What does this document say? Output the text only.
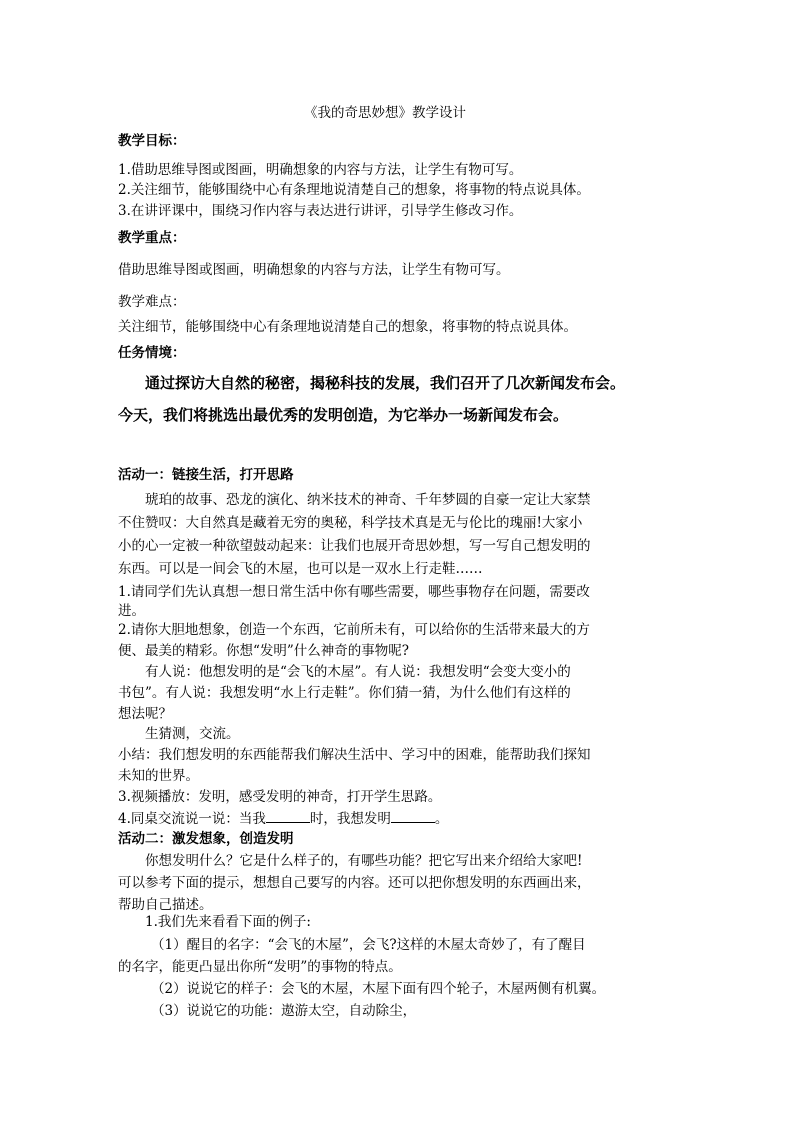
《我的奇思妙想》教学设计

教学目标：

1.借助思维导图或图画，明确想象的内容与方法，让学生有物可写。

2.关注细节，能够围绕中心有条理地说清楚自己的想象，将事物的特点说具体。

3.在讲评课中，围绕习作内容与表达进行讲评，引导学生修改习作。

教学重点：

借助思维导图或图画，明确想象的内容与方法，让学生有物可写。

教学难点：

关注细节，能够围绕中心有条理地说清楚自己的想象，将事物的特点说具体。

任务情境：

通过探访大自然的秘密，揭秘科技的发展，我们召开了几次新闻发布会。

今天，我们将挑选出最优秀的发明创造，为它举办一场新闻发布会。

活动一：链接生活，打开思路

琥珀的故事、恐龙的演化、纳米技术的神奇、千年梦圆的自豪一定让大家禁

不住赞叹：大自然真是藏着无穷的奥秘，科学技术真是无与伦比的瑰丽!大家小

小的心一定被一种欲望鼓动起来：让我们也展开奇思妙想，写一写自己想发明的

东西。可以是一间会飞的木屋，也可以是一双水上行走鞋……

1.请同学们先认真想一想日常生活中你有哪些需要，哪些事物存在问题，需要改

进。

2.请你大胆地想象，创造一个东西，它前所未有，可以给你的生活带来最大的方

便、最美的精彩。你想“发明”什么神奇的事物呢?

有人说：他想发明的是“会飞的木屋”。有人说：我想发明“会变大变小的

书包”。有人说：我想发明“水上行走鞋”。你们猜一猜，为什么他们有这样的

想法呢？

生猜测，交流。

小结：我们想发明的东西能帮我们解决生活中、学习中的困难，能帮助我们探知

未知的世界。

3.视频播放：发明，感受发明的神奇，打开学生思路。

4.同桌交流说一说：当我	时，我想发明	。

活动二：激发想象，创造发明

你想发明什么？它是什么样子的，有哪些功能？把它写出来介绍给大家吧!

可以参考下面的提示，想想自己要写的内容。还可以把你想发明的东西画出来，

帮助自己描述。

1.我们先来看看下面的例子:

（1）醒目的名字：“会飞的木屋”，会飞?这样的木屋太奇妙了，有了醒目

的名字，能更凸显出你所“发明”的事物的特点。

（2）说说它的样子：会飞的木屋，木屋下面有四个轮子，木屋两侧有机翼。

（3）说说它的功能：遨游太空，自动除尘，
